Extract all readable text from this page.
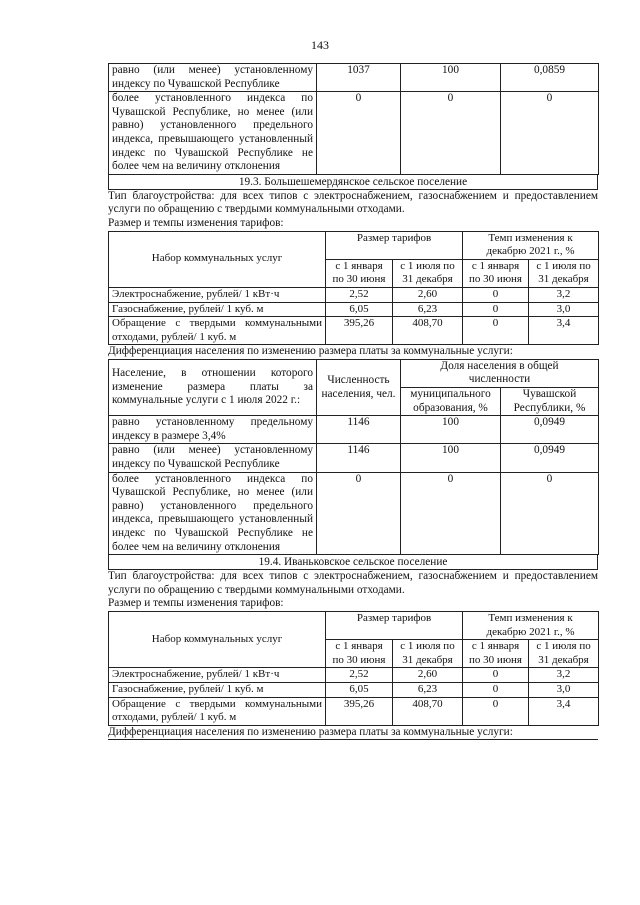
143
равно (или менее) установленному индексу по Чувашской Республике	1037	100	0,0859
более установленного индекса по Чувашской Республике, но менее (или равно) установленного предельного индекса, превышающего установленный индекс по Чувашской Республике не более чем на величину отклонения	0	0	0
19.3. Большешемердянское сельское поселение
Тип благоустройства: для всех типов с электроснабжением, газоснабжением и предоставлением услуги по обращению с твердыми коммунальными отходами.
Размер и темпы изменения тарифов:
Набор коммунальных услуг	Размер тарифов		Темп изменения к декабрю 2021 г., %	
	с 1 января по 30 июня	с 1 июля по 31 декабря	с 1 января по 30 июня	с 1 июля по 31 декабря
Электроснабжение, рублей/ 1 кВт·ч	2,52	2,60	0	3,2
Газоснабжение, рублей/ 1 куб. м	6,05	6,23	0	3,0
Обращение с твердыми коммунальными отходами, рублей/ 1 куб. м	395,26	408,70	0	3,4
Дифференциация населения по изменению размера платы за коммунальные услуги:
Население, в отношении которого изменение размера платы за коммунальные услуги с 1 июля 2022 г.:	Численность населения, чел.	Доля населения в общей численности	
		муниципального образования, %	Чувашской Республики, %
равно установленному предельному индексу в размере 3,4%	1146	100	0,0949
равно (или менее) установленному индексу по Чувашской Республике	1146	100	0,0949
более установленного индекса по Чувашской Республике, но менее (или равно) установленного предельного индекса, превышающего установленный индекс по Чувашской Республике не более чем на величину отклонения	0	0	0
19.4. Иваньковское сельское поселение
Тип благоустройства: для всех типов с электроснабжением, газоснабжением и предоставлением услуги по обращению с твердыми коммунальными отходами.
Размер и темпы изменения тарифов:
Набор коммунальных услуг	Размер тарифов		Темп изменения к декабрю 2021 г., %	
	с 1 января по 30 июня	с 1 июля по 31 декабря	с 1 января по 30 июня	с 1 июля по 31 декабря
Электроснабжение, рублей/ 1 кВт·ч	2,52	2,60	0	3,2
Газоснабжение, рублей/ 1 куб. м	6,05	6,23	0	3,0
Обращение с твердыми коммунальными отходами, рублей/ 1 куб. м	395,26	408,70	0	3,4
Дифференциация населения по изменению размера платы за коммунальные услуги:
